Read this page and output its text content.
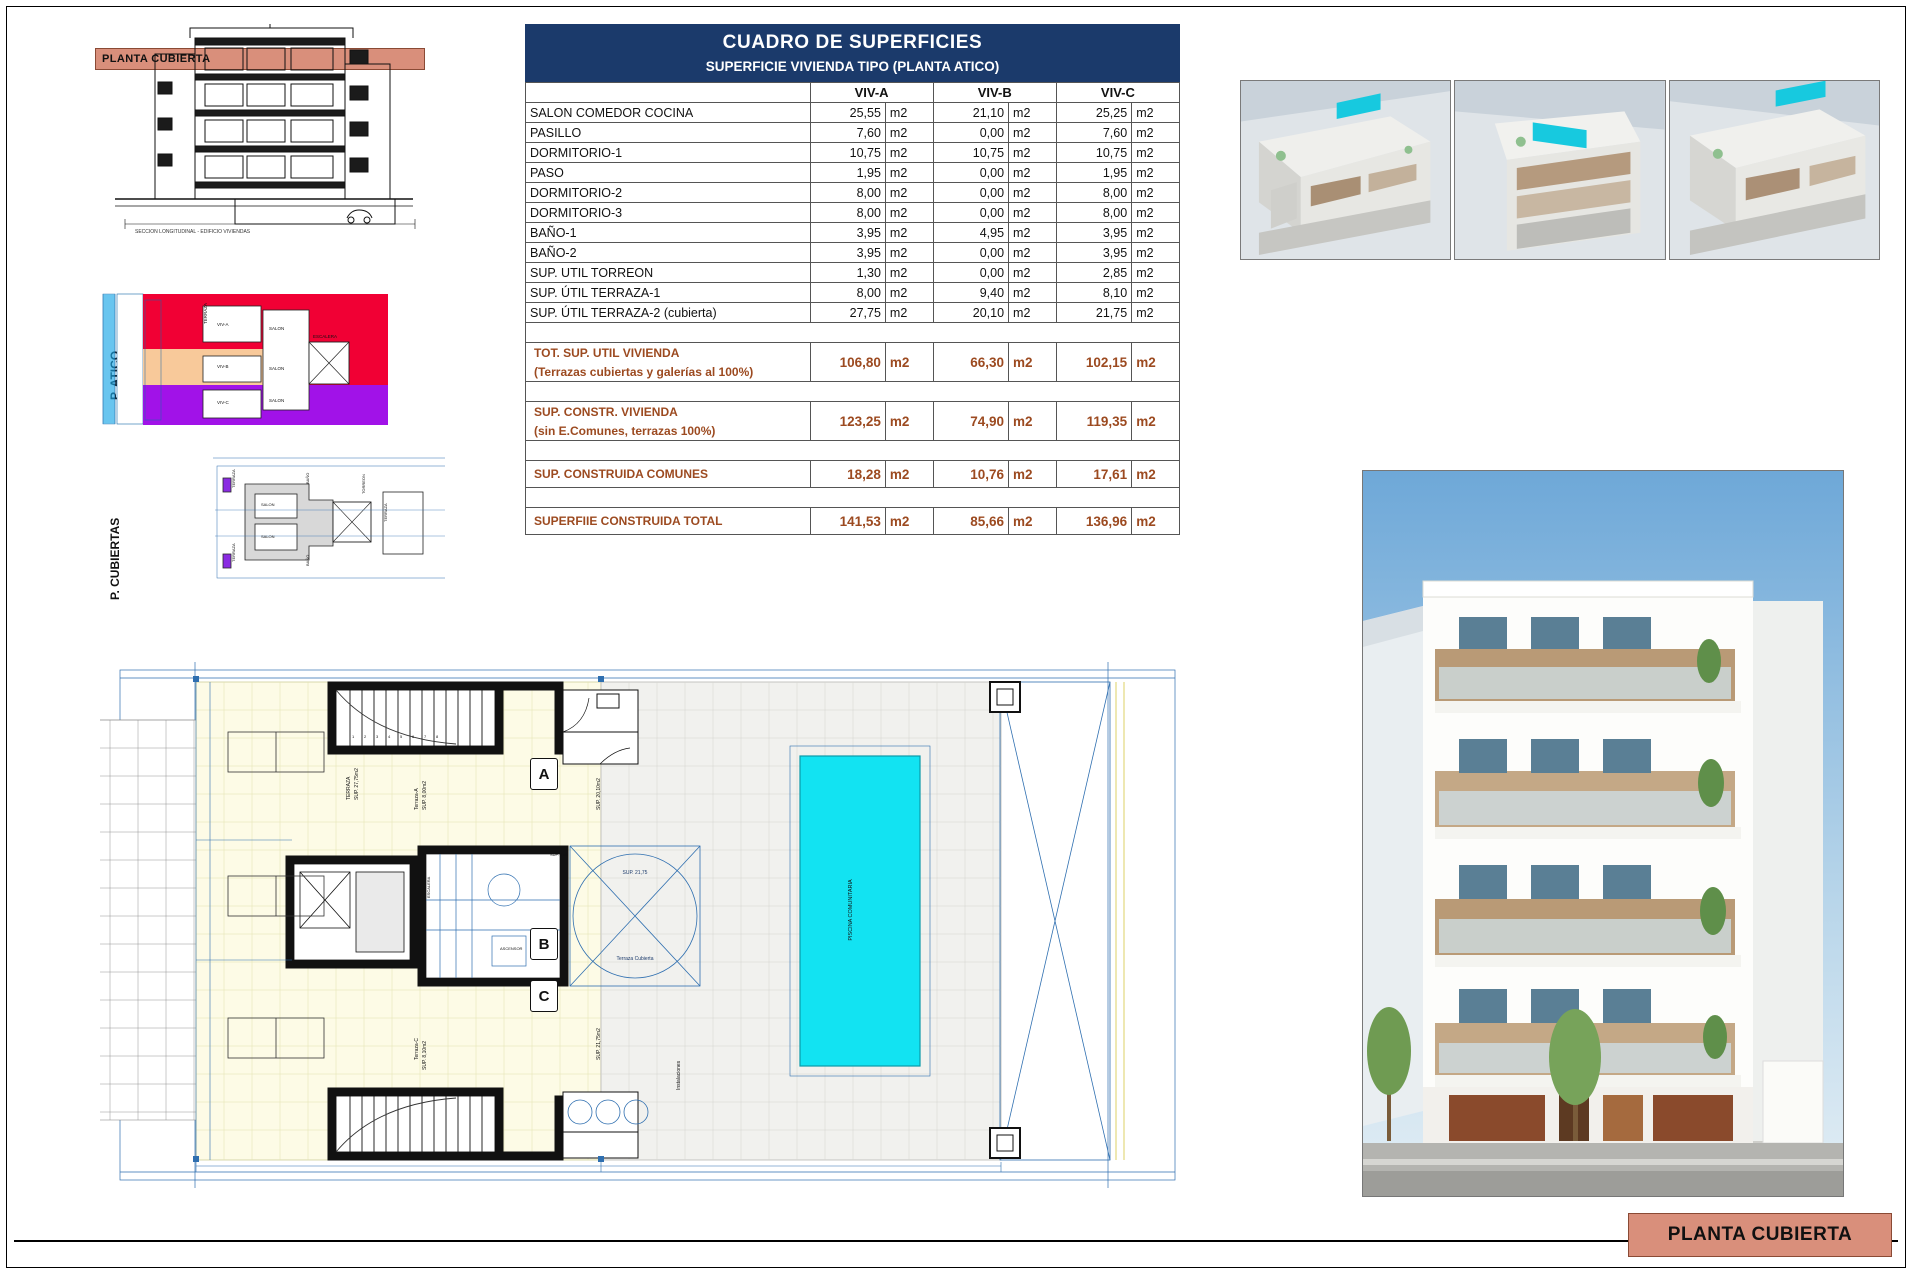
PLANTA CUBIERTA
SECCION LONGITUDINAL - EDIFICIO VIVIENDAS
TERRAZA
VIV-A
VIV-B
VIV-C
SALON
SALON
SALON
ESCALERA
P. CUBIERTAS
TERRAZA
TERRAZA
SALON
SALON
TERRAZA
TORREON
BAÑO
BAÑO
CUADRO DE SUPERFICIES
SUPERFICIE VIVIENDA TIPO (PLANTA ATICO)
	VIV-A		VIV-B		VIV-C	
SALON COMEDOR COCINA	25,55	m2	21,10	m2	25,25	m2
PASILLO	7,60	m2	0,00	m2	7,60	m2
DORMITORIO-1	10,75	m2	10,75	m2	10,75	m2
PASO	1,95	m2	0,00	m2	1,95	m2
DORMITORIO-2	8,00	m2	0,00	m2	8,00	m2
DORMITORIO-3	8,00	m2	0,00	m2	8,00	m2
BAÑO-1	3,95	m2	4,95	m2	3,95	m2
BAÑO-2	3,95	m2	0,00	m2	3,95	m2
SUP. UTIL TORREON	1,30	m2	0,00	m2	2,85	m2
SUP. ÚTIL TERRAZA-1	8,00	m2	9,40	m2	8,10	m2
SUP. ÚTIL TERRAZA-2 (cubierta)	27,75	m2	20,10	m2	21,75	m2

TOT. SUP. UTIL VIVIENDA	106,80	m2	66,30	m2	102,15	m2
(Terrazas cubiertas y galerías al 100%)						

SUP. CONSTR. VIVIENDA	123,25	m2	74,90	m2	119,35	m2
(sin E.Comunes, terrazas 100%)						

SUP. CONSTRUIDA COMUNES	18,28	m2	10,76	m2	17,61	m2

SUPERFIIE CONSTRUIDA TOTAL	141,53	m2	85,66	m2	136,96	m2
PLANTA CUBIERTA
PISCINA COMUNITARIA
1 2 3 4 5 6 7 8
ESCALERA
ASCENSOR
SUP. 21,75
Terraza Cubierta
TERRAZA SUP. 27,75m2	Terraza-A SUP. 8,00m2	SUP. 20,10m2
Terraza-C SUP. 8,10m2	SUP. 21,75m2
Instalaciones
SUP. 4,95
A
B
C
